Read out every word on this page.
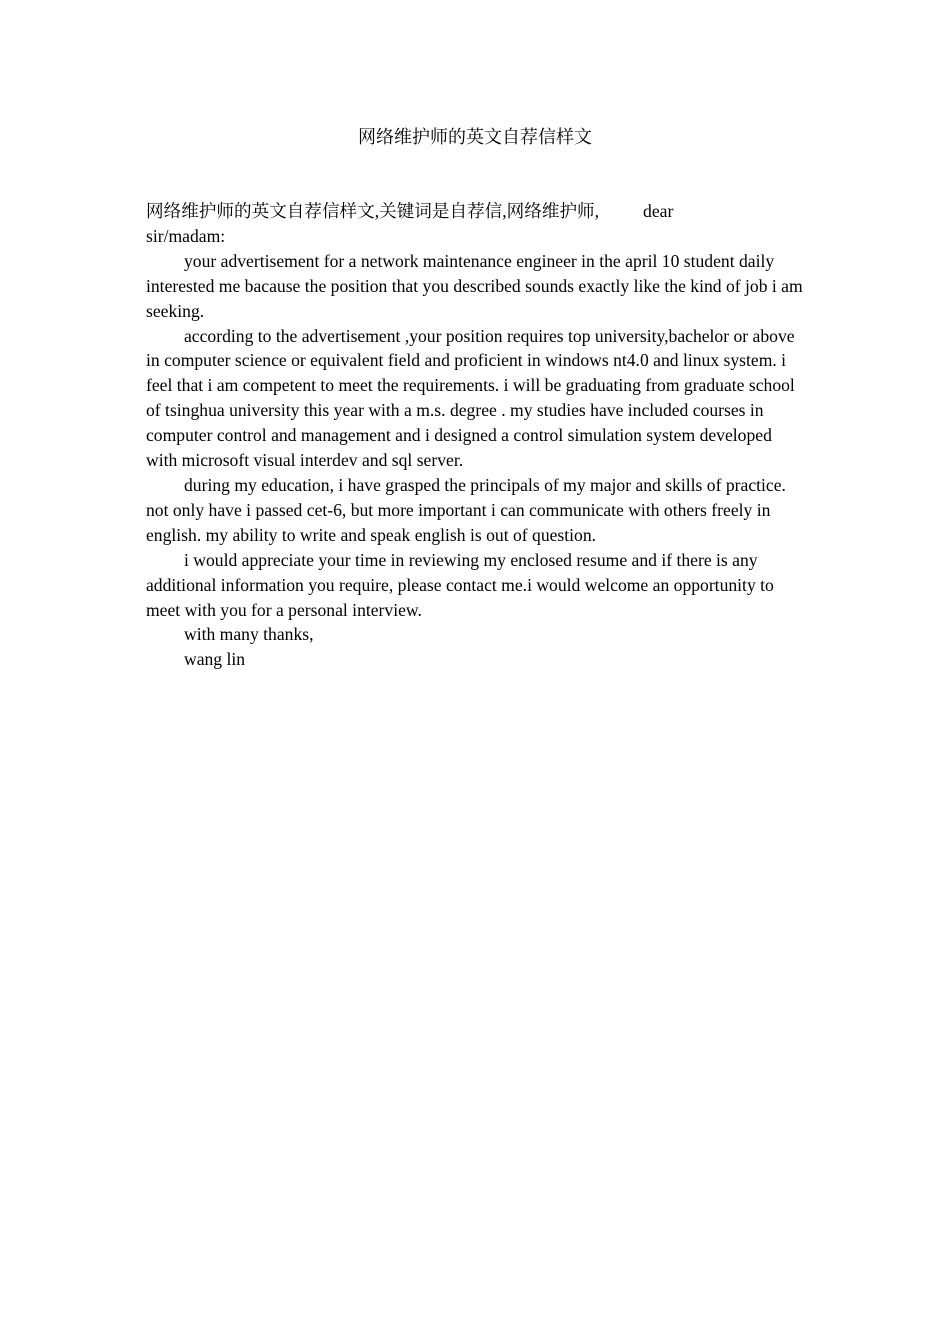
网络维护师的英文自荐信样文

网络维护师的英文自荐信样文,关键词是自荐信,网络维护师,	dear

sir/madam:

your advertisement for a network maintenance engineer in the april 10 student daily interested me bacause the position that you described sounds exactly like the kind of job i am seeking.

according to the advertisement ,your position requires top university,bachelor or above in computer science or equivalent field and proficient in windows nt4.0 and linux system. i feel that i am competent to meet the requirements. i will be graduating from graduate school of tsinghua university this year with a m.s. degree . my studies have included courses in computer control and management and i designed a control simulation system developed with microsoft visual interdev and sql server.

during my education, i have grasped the principals of my major and skills of practice. not only have i passed cet-6, but more important i can communicate with others freely in english. my ability to write and speak english is out of question.

i would appreciate your time in reviewing my enclosed resume and if there is any additional information you require, please contact me.i would welcome an opportunity to meet with you for a personal interview.

with many thanks,

wang lin
